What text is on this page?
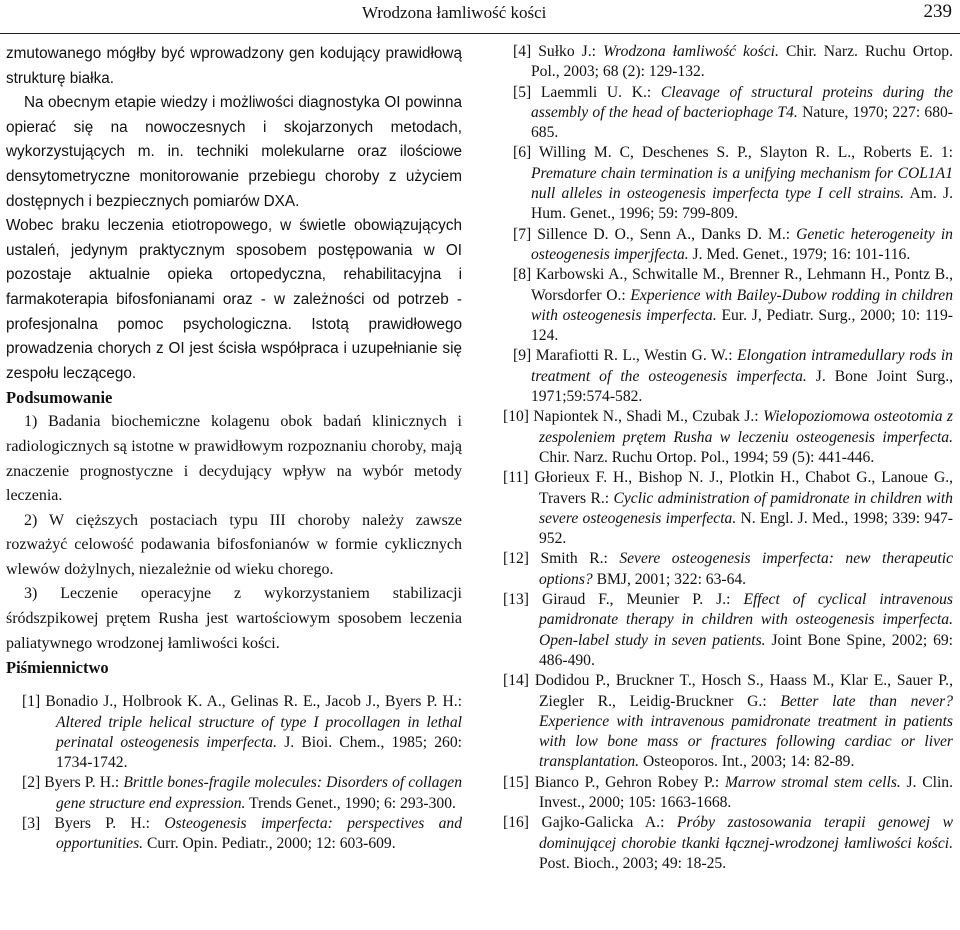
Wrodzona łamliwość kości	239

zmutowanego mógłby być wprowadzony gen kodujący prawidłową strukturę białka.

Na obecnym etapie wiedzy i możliwości diagnostyka OI powinna opierać się na nowoczesnych i skojarzonych metodach, wykorzystujących m. in. techniki molekularne oraz ilościowe densytometryczne monitorowanie przebiegu choroby z użyciem dostępnych i bezpiecznych pomiarów DXA.

Wobec braku leczenia etiotropowego, w świetle obowiązujących ustaleń, jedynym praktycznym sposobem postępowania w OI pozostaje aktualnie opieka ortopedyczna, rehabilitacyjna i farmakoterapia bifosfonianami oraz - w zależności od potrzeb - profesjonalna pomoc psychologiczna. Istotą prawidłowego prowadzenia chorych z OI jest ścisła współpraca i uzupełnianie się zespołu leczącego.

Podsumowanie

1) Badania biochemiczne kolagenu obok badań klinicznych i radiologicznych są istotne w prawidłowym rozpoznaniu choroby, mają znaczenie prognostyczne i decydujący wpływ na wybór metody leczenia.

2) W cięższych postaciach typu III choroby należy zawsze rozważyć celowość podawania bifosfonianów w formie cyklicznych wlewów dożylnych, niezależnie od wieku chorego.

3) Leczenie operacyjne z wykorzystaniem stabilizacji śródszpikowej prętem Rusha jest wartościowym sposobem leczenia paliatywnego wrodzonej łamliwości kości.

Piśmiennictwo

[1] Bonadio J., Holbrook K. A., Gelinas R. E., Jacob J., Byers P. H.: Altered triple helical structure of type I procollagen in lethal perinatal osteogenesis imperfecta. J. Bioi. Chem., 1985; 260: 1734-1742.

[2] Byers P. H.: Brittle bones-fragile molecules: Disorders of collagen gene structure end expression. Trends Genet., 1990; 6: 293-300.

[3] Byers P. H.: Osteogenesis imperfecta: perspectives and opportunities. Curr. Opin. Pediatr., 2000; 12: 603-609.

[4] Sułko J.: Wrodzona łamliwość kości. Chir. Narz. Ruchu Ortop. Pol., 2003; 68 (2): 129-132.

[5] Laemmli U. K.: Cleavage of structural proteins during the assembly of the head of bacteriophage T4. Nature, 1970; 227: 680-685.

[6] Willing M. C, Deschenes S. P., Slayton R. L., Roberts E. 1: Premature chain termination is a unifying mechanism for COL1A1 null alleles in osteogenesis imperfecta type I cell strains. Am. J. Hum. Genet., 1996; 59: 799-809.

[7] Sillence D. O., Senn A., Danks D. M.: Genetic heterogeneity in osteogenesis imperjfecta. J. Med. Genet., 1979; 16: 101-116.

[8] Karbowski A., Schwitalle M., Brenner R., Lehmann H., Pontz B., Worsdorfer O.: Experience with Bailey-Dubow rodding in children with osteogenesis imperfecta. Eur. J, Pediatr. Surg., 2000; 10: 119-124.

[9] Marafiotti R. L., Westin G. W.: Elongation intramedullary rods in treatment of the osteogenesis imperfecta. J. Bone Joint Surg., 1971;59:574-582.

[10] Napiontek N., Shadi M., Czubak J.: Wielopoziomowa osteotomia z zespoleniem prętem Rusha w leczeniu osteogenesis imperfecta. Chir. Narz. Ruchu Ortop. Pol., 1994; 59 (5): 441-446.

[11] Głorieux F. H., Bishop N. J., Plotkin H., Chabot G., Lanoue G., Travers R.: Cyclic administration of pamidronate in children with severe osteogenesis imperfecta. N. Engl. J. Med., 1998; 339: 947-952.

[12] Smith R.: Severe osteogenesis imperfecta: new therapeutic options? BMJ, 2001; 322: 63-64.

[13] Giraud F., Meunier P. J.: Effect of cyclical intravenous pamidronate therapy in children with osteogenesis imperfecta. Open-label study in seven patients. Joint Bone Spine, 2002; 69: 486-490.

[14] Dodidou P., Bruckner T., Hosch S., Haass M., Klar E., Sauer P., Ziegler R., Leidig-Bruckner G.: Better late than never? Experience with intravenous pamidronate treatment in patients with low bone mass or fractures following cardiac or liver transplantation. Osteoporos. Int., 2003; 14: 82-89.

[15] Bianco P., Gehron Robey P.: Marrow stromal stem cells. J. Clin. Invest., 2000; 105: 1663-1668.

[16] Gajko-Galicka A.: Próby zastosowania terapii genowej w dominującej chorobie tkanki łącznej-wrodzonej łamliwości kości. Post. Bioch., 2003; 49: 18-25.
